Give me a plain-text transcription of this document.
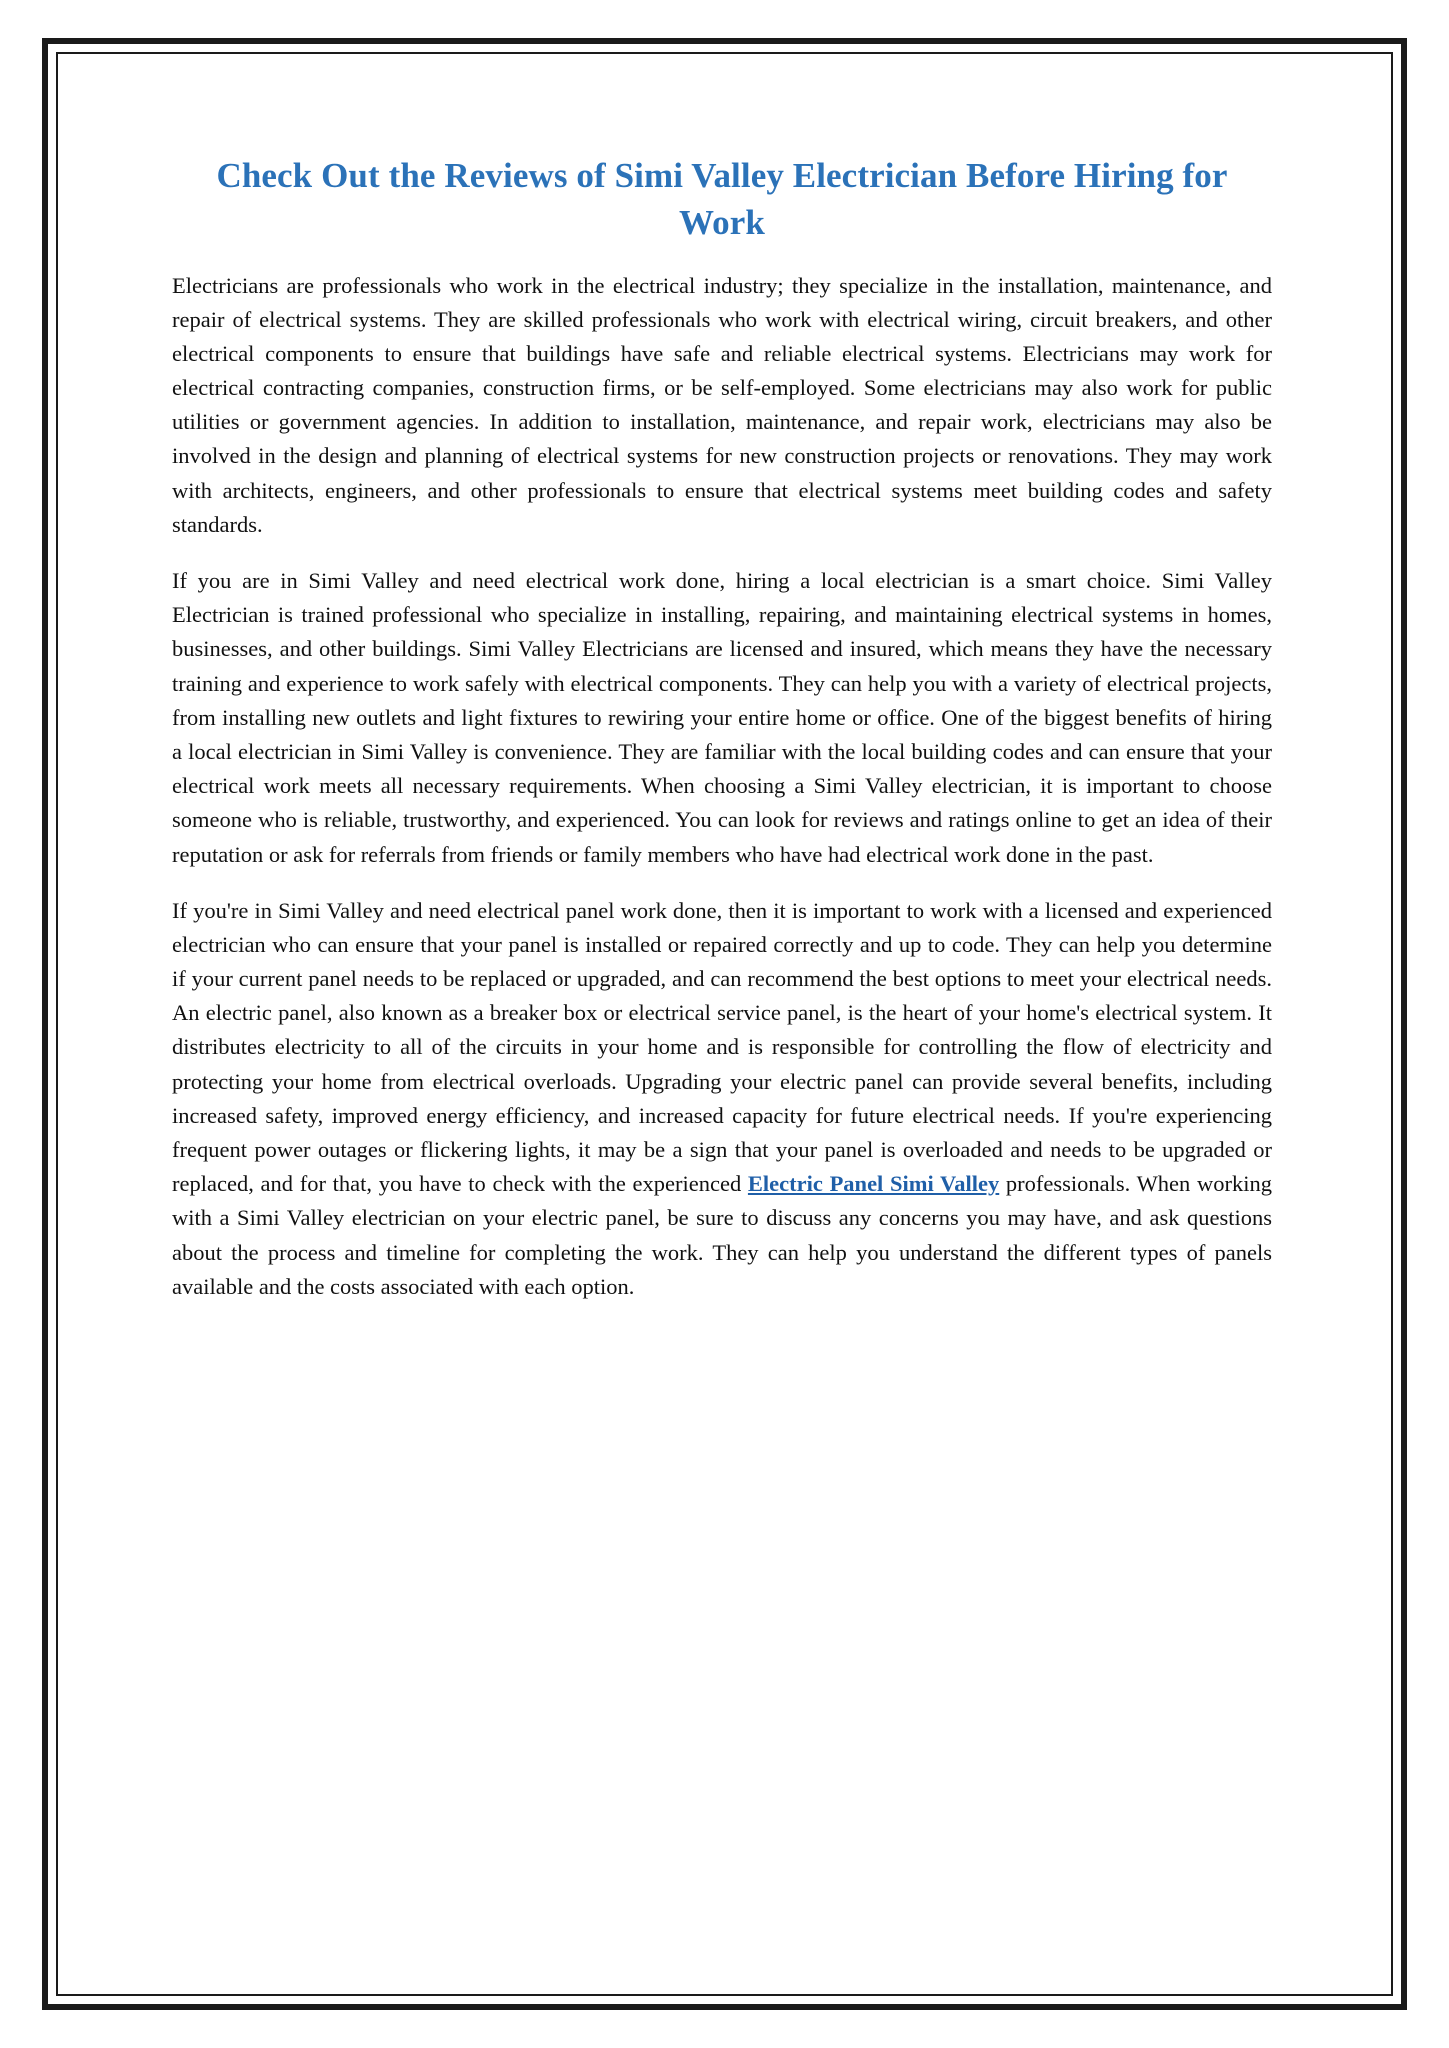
Check Out the Reviews of Simi Valley Electrician Before Hiring for Work

Electricians are professionals who work in the electrical industry; they specialize in the installation, maintenance, and repair of electrical systems. They are skilled professionals who work with electrical wiring, circuit breakers, and other electrical components to ensure that buildings have safe and reliable electrical systems. Electricians may work for electrical contracting companies, construction firms, or be self-employed. Some electricians may also work for public utilities or government agencies. In addition to installation, maintenance, and repair work, electricians may also be involved in the design and planning of electrical systems for new construction projects or renovations. They may work with architects, engineers, and other professionals to ensure that electrical systems meet building codes and safety standards.

If you are in Simi Valley and need electrical work done, hiring a local electrician is a smart choice. Simi Valley Electrician is trained professional who specialize in installing, repairing, and maintaining electrical systems in homes, businesses, and other buildings. Simi Valley Electricians are licensed and insured, which means they have the necessary training and experience to work safely with electrical components. They can help you with a variety of electrical projects, from installing new outlets and light fixtures to rewiring your entire home or office. One of the biggest benefits of hiring a local electrician in Simi Valley is convenience. They are familiar with the local building codes and can ensure that your electrical work meets all necessary requirements. When choosing a Simi Valley electrician, it is important to choose someone who is reliable, trustworthy, and experienced. You can look for reviews and ratings online to get an idea of their reputation or ask for referrals from friends or family members who have had electrical work done in the past.

If you're in Simi Valley and need electrical panel work done, then it is important to work with a licensed and experienced electrician who can ensure that your panel is installed or repaired correctly and up to code. They can help you determine if your current panel needs to be replaced or upgraded, and can recommend the best options to meet your electrical needs. An electric panel, also known as a breaker box or electrical service panel, is the heart of your home's electrical system. It distributes electricity to all of the circuits in your home and is responsible for controlling the flow of electricity and protecting your home from electrical overloads. Upgrading your electric panel can provide several benefits, including increased safety, improved energy efficiency, and increased capacity for future electrical needs. If you're experiencing frequent power outages or flickering lights, it may be a sign that your panel is overloaded and needs to be upgraded or replaced, and for that, you have to check with the experienced Electric Panel Simi Valley professionals. When working with a Simi Valley electrician on your electric panel, be sure to discuss any concerns you may have, and ask questions about the process and timeline for completing the work. They can help you understand the different types of panels available and the costs associated with each option.
